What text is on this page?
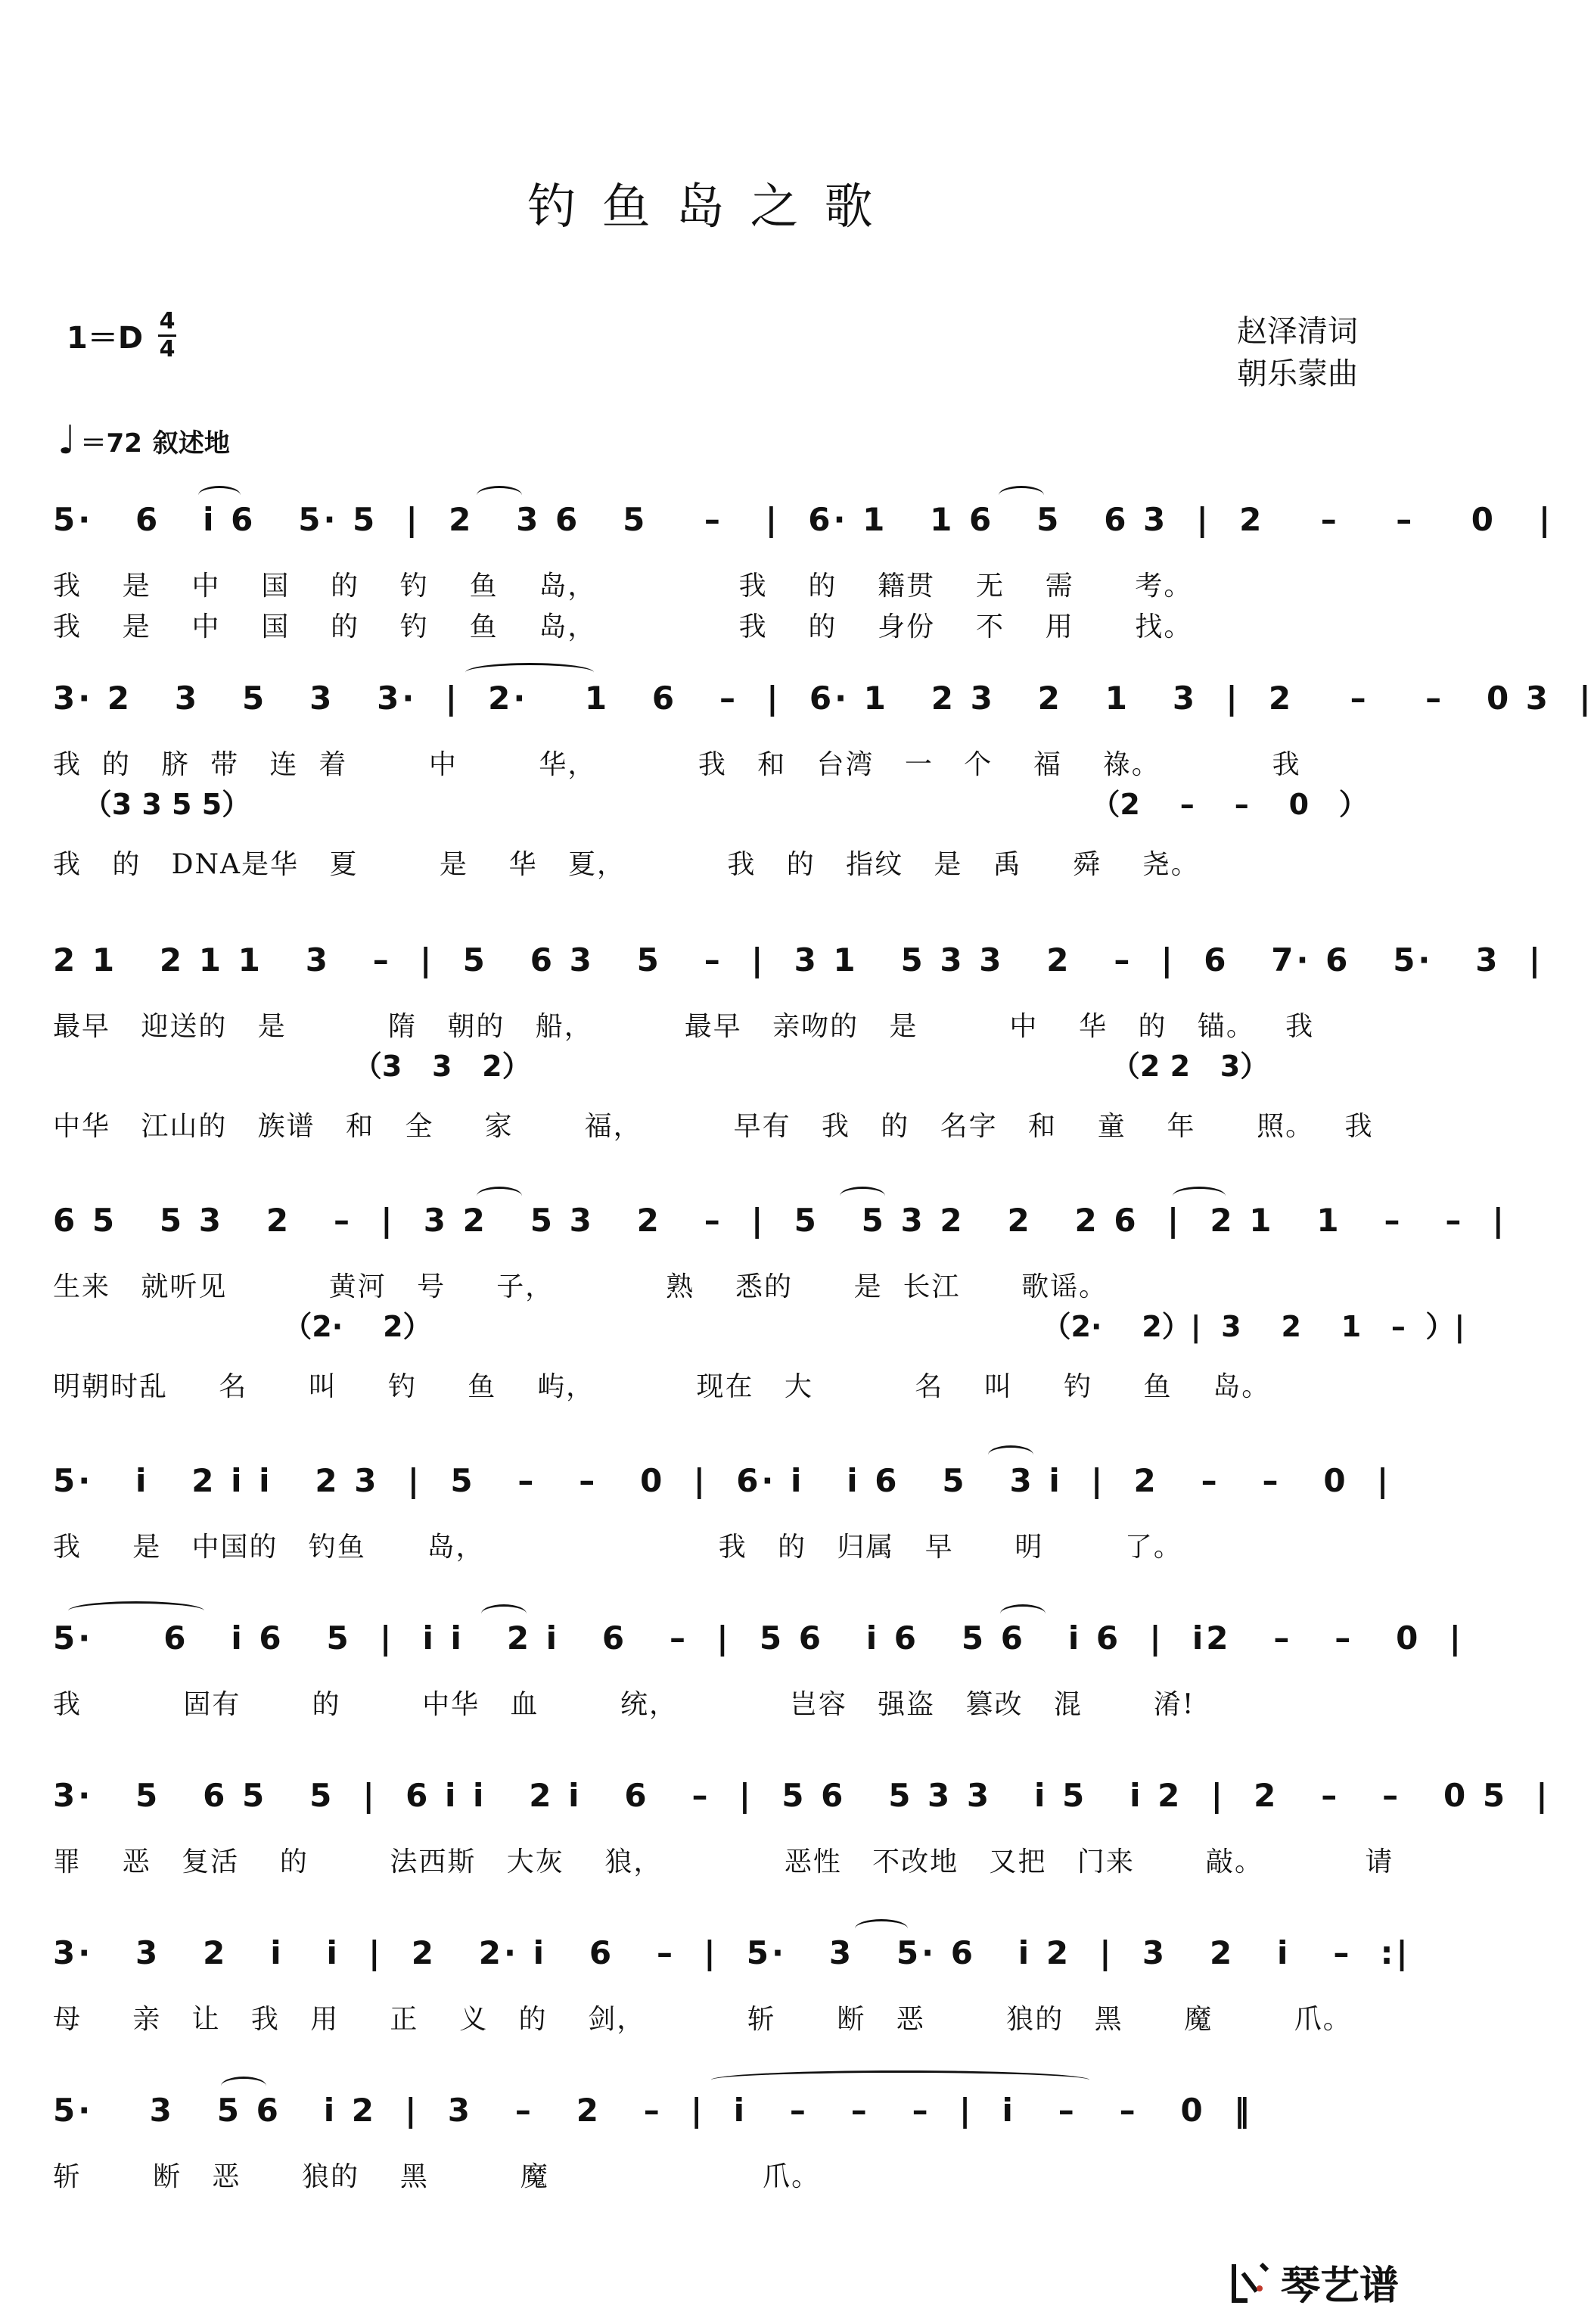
钓鱼岛之歌
$1=D \frac{4}{4}$	赵泽清词
朝乐蒙曲
♩ ＝72 叙述地
5·   6   i 6   5· 5  |  2   3 6   5    –   |  6· 1   1 6   5   6 3  |  2    –    –    0   |
我    是    中    国    的    钓    鱼    岛，              我    的    籍贯    无    需      考。
我    是    中    国    的    钓    鱼    岛，              我    的    身份    不    用      找。
3· 2   3   5   3   3·  |  2·    1   6   –  |  6· 1   2 3   2   1   3  |  2    –    –   0 3  |
我  的   脐  带   连  着        中        华，          我   和   台湾   一   个    福    祿。           我
（3 3 5 5）                                                                                    （2    –    –    0   ）
我   的   DNA是华   夏        是    华   夏，          我   的   指纹   是   禹     舜    尧。
2 1   2 1 1   3   –  |  5   6 3   5   –  |  3 1   5 3 3   2   –  |  6   7· 6   5·   3  |
最早   迎送的   是          隋   朝的   船，         最早   亲吻的   是         中    华   的   锚。   我
（3   3   2）                                                          （2 2   3）
中华   江山的   族谱   和   全     家       福，         早有   我   的   名字   和    童    年      照。   我
6 5   5 3   2   –  |  3 2   5 3   2   –  |  5   5 3 2   2   2 6  |  2 1   1   –   –  |
生来   就听见          黄河   号     子，           熟    悉的      是  长江      歌谣。
（2·    2）                                                             （2·    2）|  3    2    1   –  ）|
明朝时乱     名      叫     钓     鱼    屿，          现在   大          名    叫     钓     鱼    岛。
5·   i   2 i i   2 3  |  5   –   –   0  |  6· i   i 6   5   3 i  |  2   –   –   0  |
我     是   中国的   钓鱼      岛，                       我   的   归属   早      明        了。
5·     6   i 6   5  |  i i   2 i   6   –  |  5 6   i 6   5 6   i 6  |  i2   –   –   0  |
我          固有       的        中华   血        统，           岂容   强盗   篡改   混       淆!
3·   5   6 5   5  |  6 i i   2 i   6   –  |  5 6   5 3 3   i 5   i 2  |  2   –   –   0 5  |
罪    恶   复活    的        法西斯   大灰    狼，            恶性   不改地   又把   门来       敲。          请
3·   3   2   i   i  |  2   2· i   6   –  |  5·   3   5· 6   i 2  |  3   2   i   –  :|
母     亲   让   我   用     正    义   的    剑，          斩      断   恶        狼的   黑      魔        爪。
5·    3   5 6   i 2  |  3   –   2   –  |  i   –   –   –  |  i   –   –   0  ‖
斩       断   恶      狼的    黑         魔                     爪。
琴艺谱
